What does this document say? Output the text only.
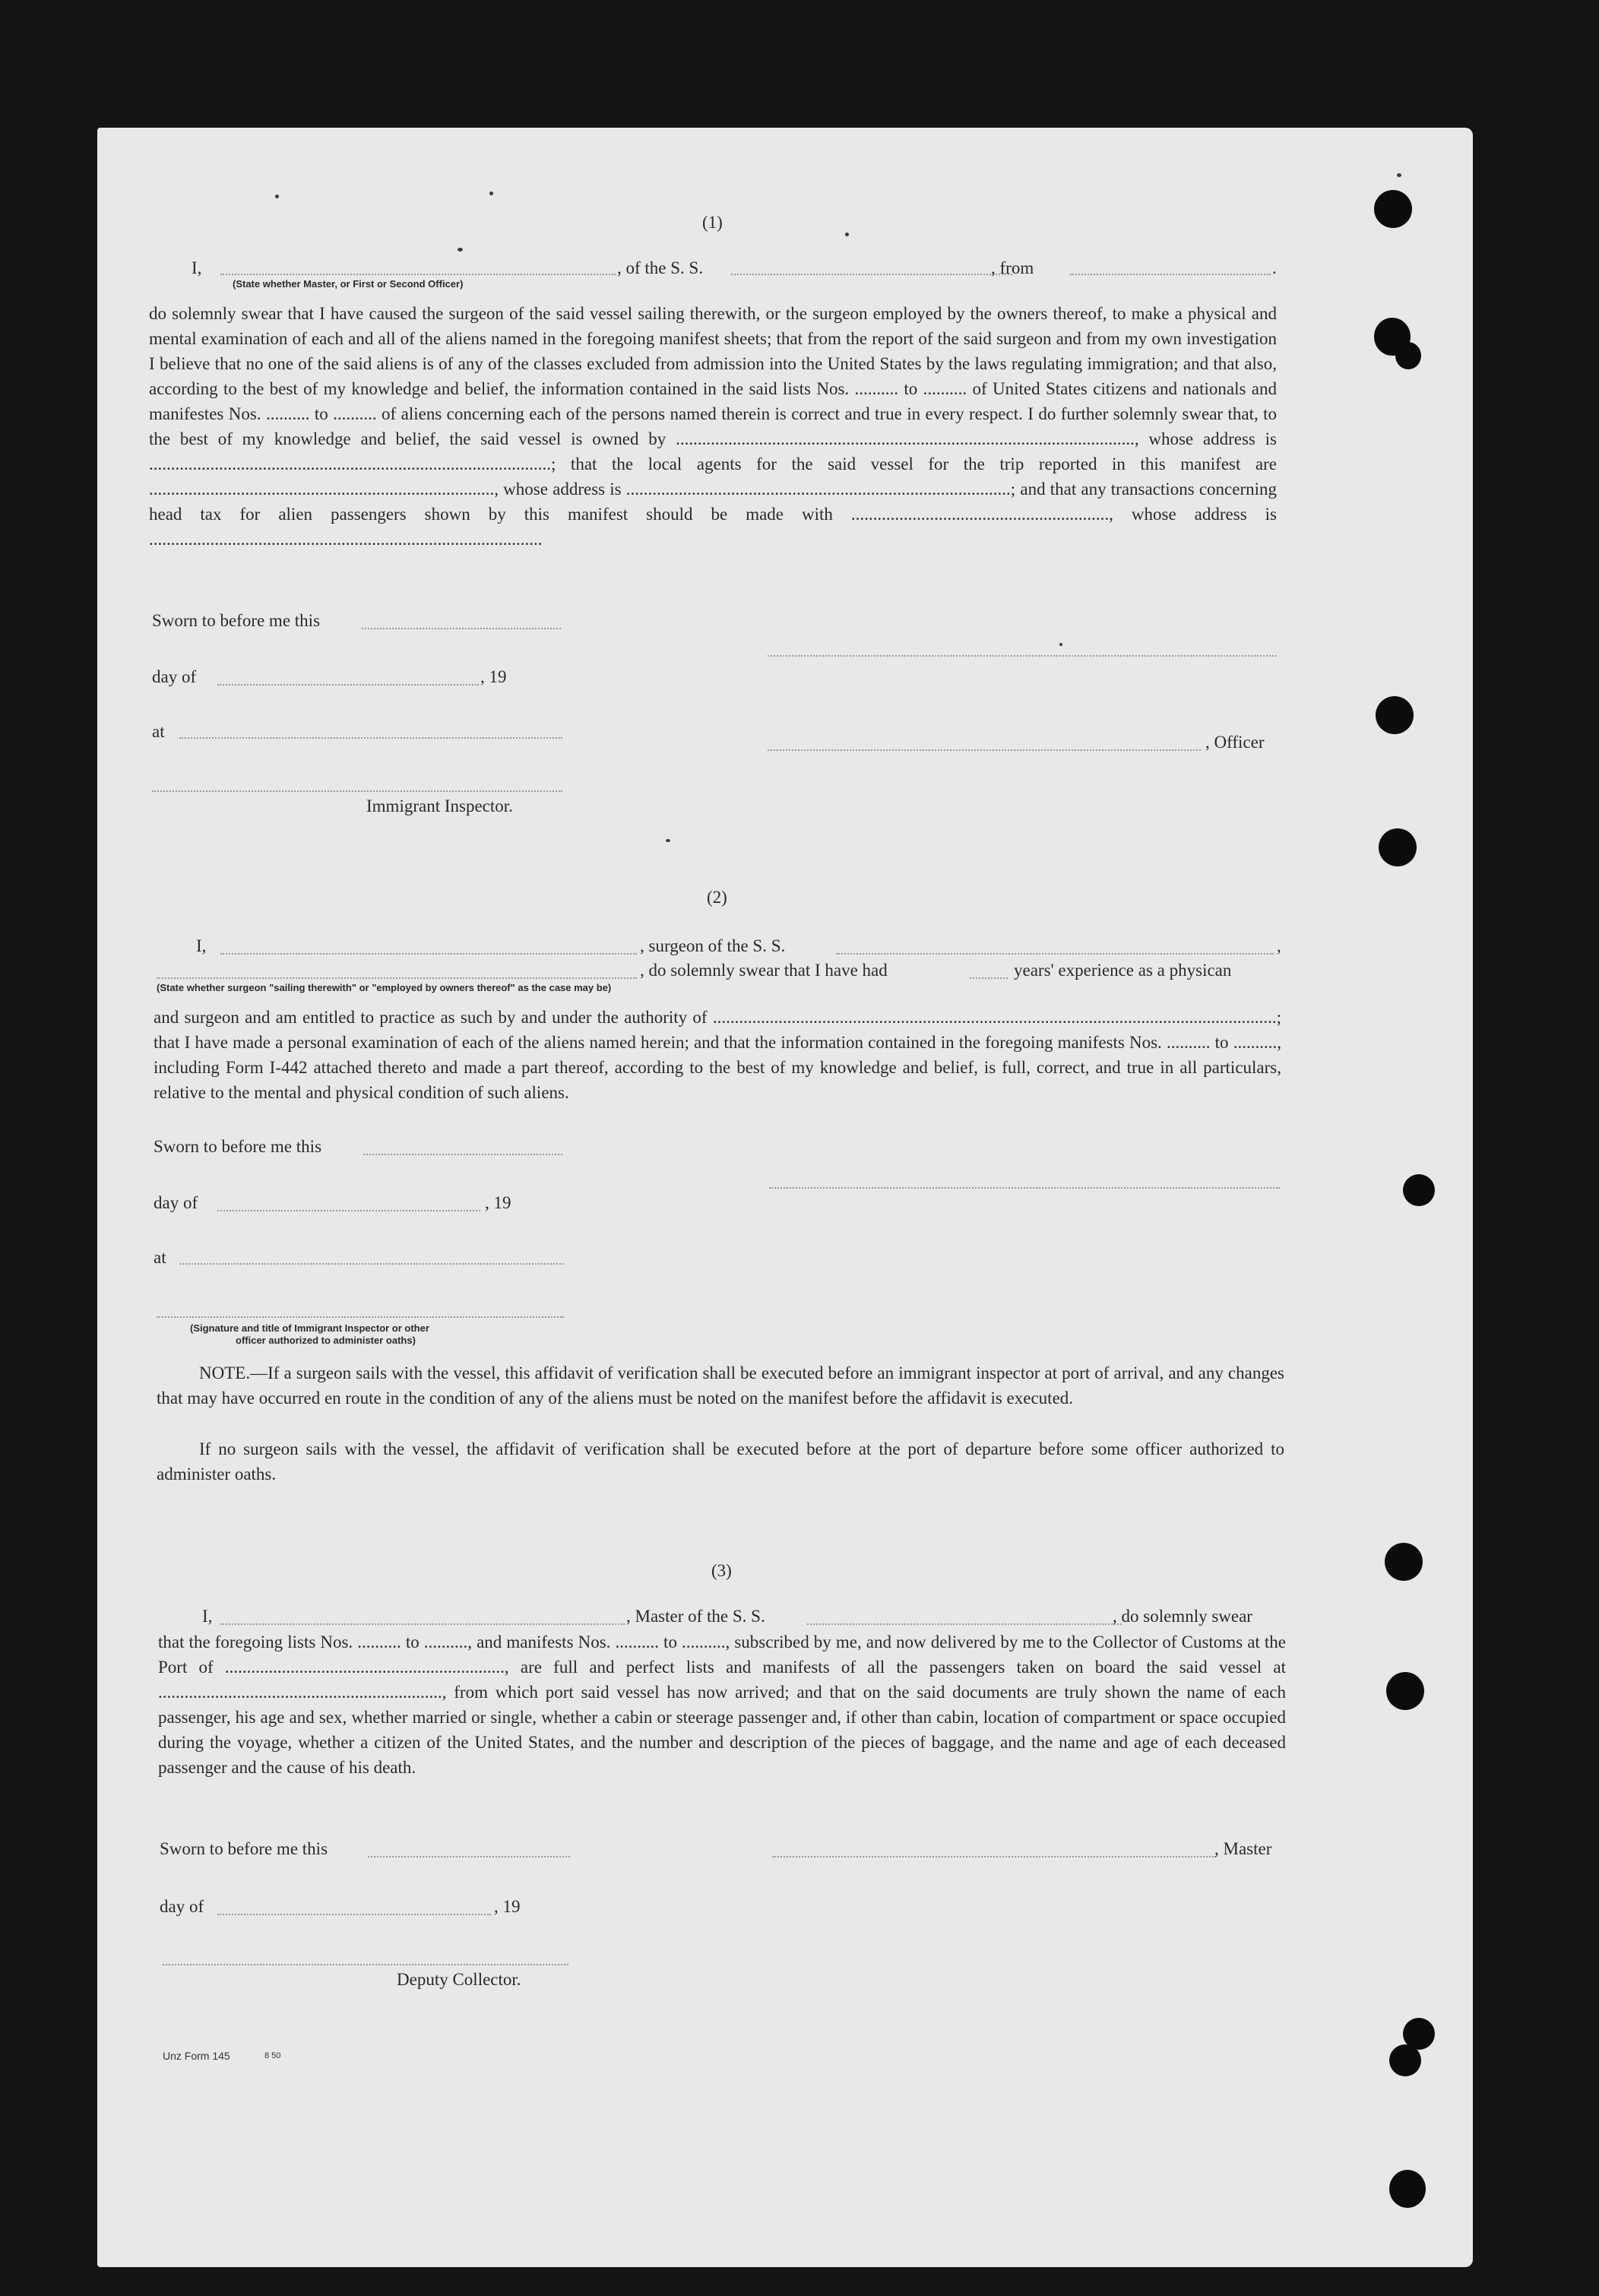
(1)
I,
(State whether Master, or First or Second Officer)
, of the S. S.	, from	.

do solemnly swear that I have caused the surgeon of the said vessel sailing therewith, or the surgeon employed by the owners thereof, to make a physical and mental examination of each and all of the aliens named in the foregoing manifest sheets; that from the report of the said surgeon and from my own investigation I believe that no one of the said aliens is of any of the classes excluded from admission into the United States by the laws regulating immigration; and that also, according to the best of my knowledge and belief, the information contained in the said lists Nos. .......... to .......... of United States citizens and nationals and manifestes Nos. .......... to .......... of aliens concerning each of the persons named therein is correct and true in every respect. I do further solemnly swear that, to the best of my knowledge and belief, the said vessel is owned by ........................................................................................................., whose address is ............................................................................................; that the local agents for the said vessel for the trip reported in this manifest are ..............................................................................., whose address is ........................................................................................; and that any transactions concerning head tax for alien passengers shown by this manifest should be made with ..........................................................., whose address is ..........................................................................................

Sworn to before me this
day of	, 19
at
, Officer
Immigrant Inspector.
(2)
I,	, surgeon of the S. S.	,
, do solemnly swear that I have had	years' experience as a physican
(State whether surgeon "sailing therewith" or "employed by owners thereof" as the case may be)

and surgeon and am entitled to practice as such by and under the authority of .................................................................................................................................; that I have made a personal examination of each of the aliens named herein; and that the information contained in the foregoing manifests Nos. .......... to .........., including Form I-442 attached thereto and made a part thereof, according to the best of my knowledge and belief, is full, correct, and true in all particulars, relative to the mental and physical condition of such aliens.

Sworn to before me this
day of	, 19
at
(Signature and title of Immigrant Inspector or other
officer authorized to administer oaths)

NOTE.—If a surgeon sails with the vessel, this affidavit of verification shall be executed before an immigrant inspector at port of arrival, and any changes that may have occurred en route in the condition of any of the aliens must be noted on the manifest before the affidavit is executed.

If no surgeon sails with the vessel, the affidavit of verification shall be executed before at the port of departure before some officer authorized to administer oaths.

(3)
I,	, Master of the S. S.	, do solemnly swear

that the foregoing lists Nos. .......... to .........., and manifests Nos. .......... to .........., subscribed by me, and now delivered by me to the Collector of Customs at the Port of ................................................................, are full and perfect lists and manifests of all the passengers taken on board the said vessel at ................................................................., from which port said vessel has now arrived; and that on the said documents are truly shown the name of each passenger, his age and sex, whether married or single, whether a cabin or steerage passenger and, if other than cabin, location of compartment or space occupied during the voyage, whether a citizen of the United States, and the number and description of the pieces of baggage, and the name and age of each deceased passenger and the cause of his death.

Sworn to before me this	, Master
day of	, 19
Deputy Collector.
Unz Form 145	8 50
